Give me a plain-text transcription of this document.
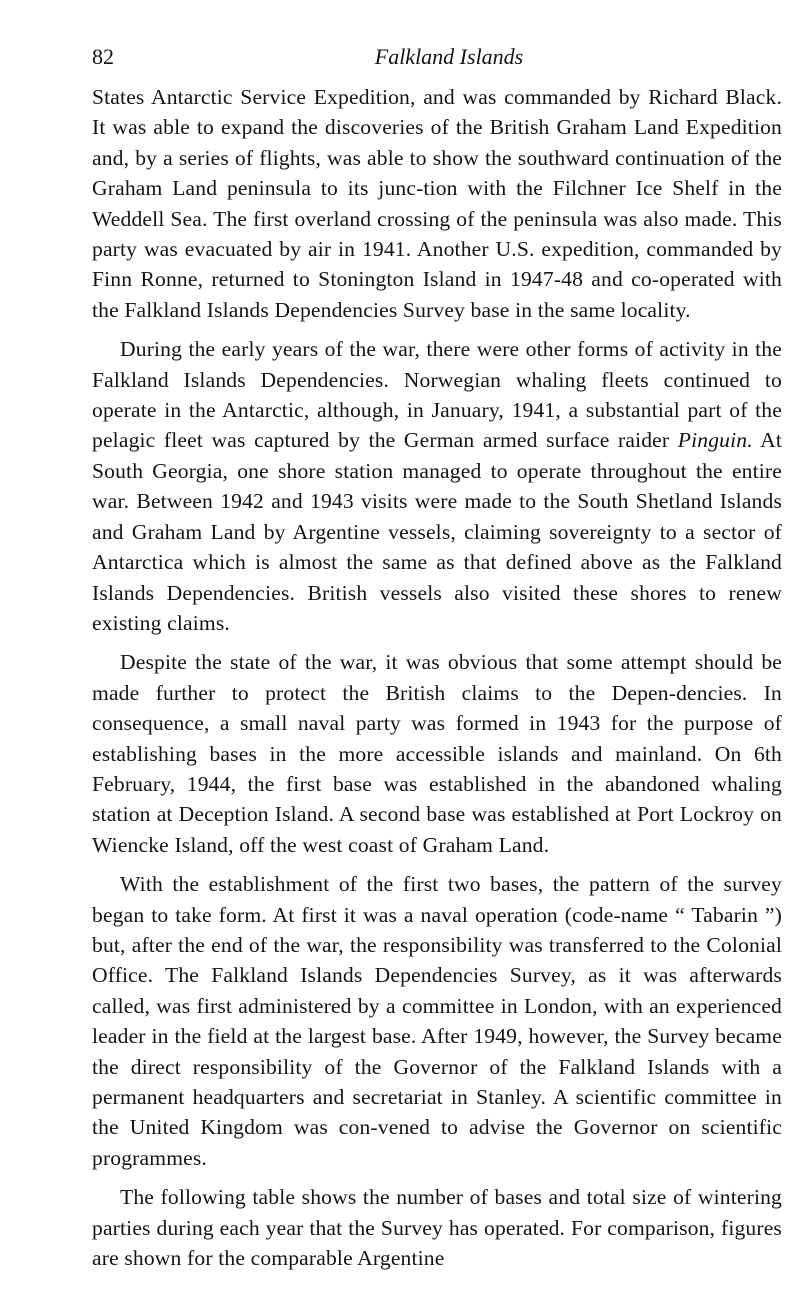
82	Falkland Islands

States Antarctic Service Expedition, and was commanded by Richard Black. It was able to expand the discoveries of the British Graham Land Expedition and, by a series of flights, was able to show the southward continuation of the Graham Land peninsula to its junc-tion with the Filchner Ice Shelf in the Weddell Sea. The first overland crossing of the peninsula was also made. This party was evacuated by air in 1941. Another U.S. expedition, commanded by Finn Ronne, returned to Stonington Island in 1947-48 and co-operated with the Falkland Islands Dependencies Survey base in the same locality.

During the early years of the war, there were other forms of activity in the Falkland Islands Dependencies. Norwegian whaling fleets continued to operate in the Antarctic, although, in January, 1941, a substantial part of the pelagic fleet was captured by the German armed surface raider Pinguin. At South Georgia, one shore station managed to operate throughout the entire war. Between 1942 and 1943 visits were made to the South Shetland Islands and Graham Land by Argentine vessels, claiming sovereignty to a sector of Antarctica which is almost the same as that defined above as the Falkland Islands Dependencies. British vessels also visited these shores to renew existing claims.

Despite the state of the war, it was obvious that some attempt should be made further to protect the British claims to the Depen-dencies. In consequence, a small naval party was formed in 1943 for the purpose of establishing bases in the more accessible islands and mainland. On 6th February, 1944, the first base was established in the abandoned whaling station at Deception Island. A second base was established at Port Lockroy on Wiencke Island, off the west coast of Graham Land.

With the establishment of the first two bases, the pattern of the survey began to take form. At first it was a naval operation (code-name “ Tabarin ”) but, after the end of the war, the responsibility was transferred to the Colonial Office. The Falkland Islands Dependencies Survey, as it was afterwards called, was first administered by a committee in London, with an experienced leader in the field at the largest base. After 1949, however, the Survey became the direct responsibility of the Governor of the Falkland Islands with a permanent headquarters and secretariat in Stanley. A scientific committee in the United Kingdom was con-vened to advise the Governor on scientific programmes.

The following table shows the number of bases and total size of wintering parties during each year that the Survey has operated. For comparison, figures are shown for the comparable Argentine
